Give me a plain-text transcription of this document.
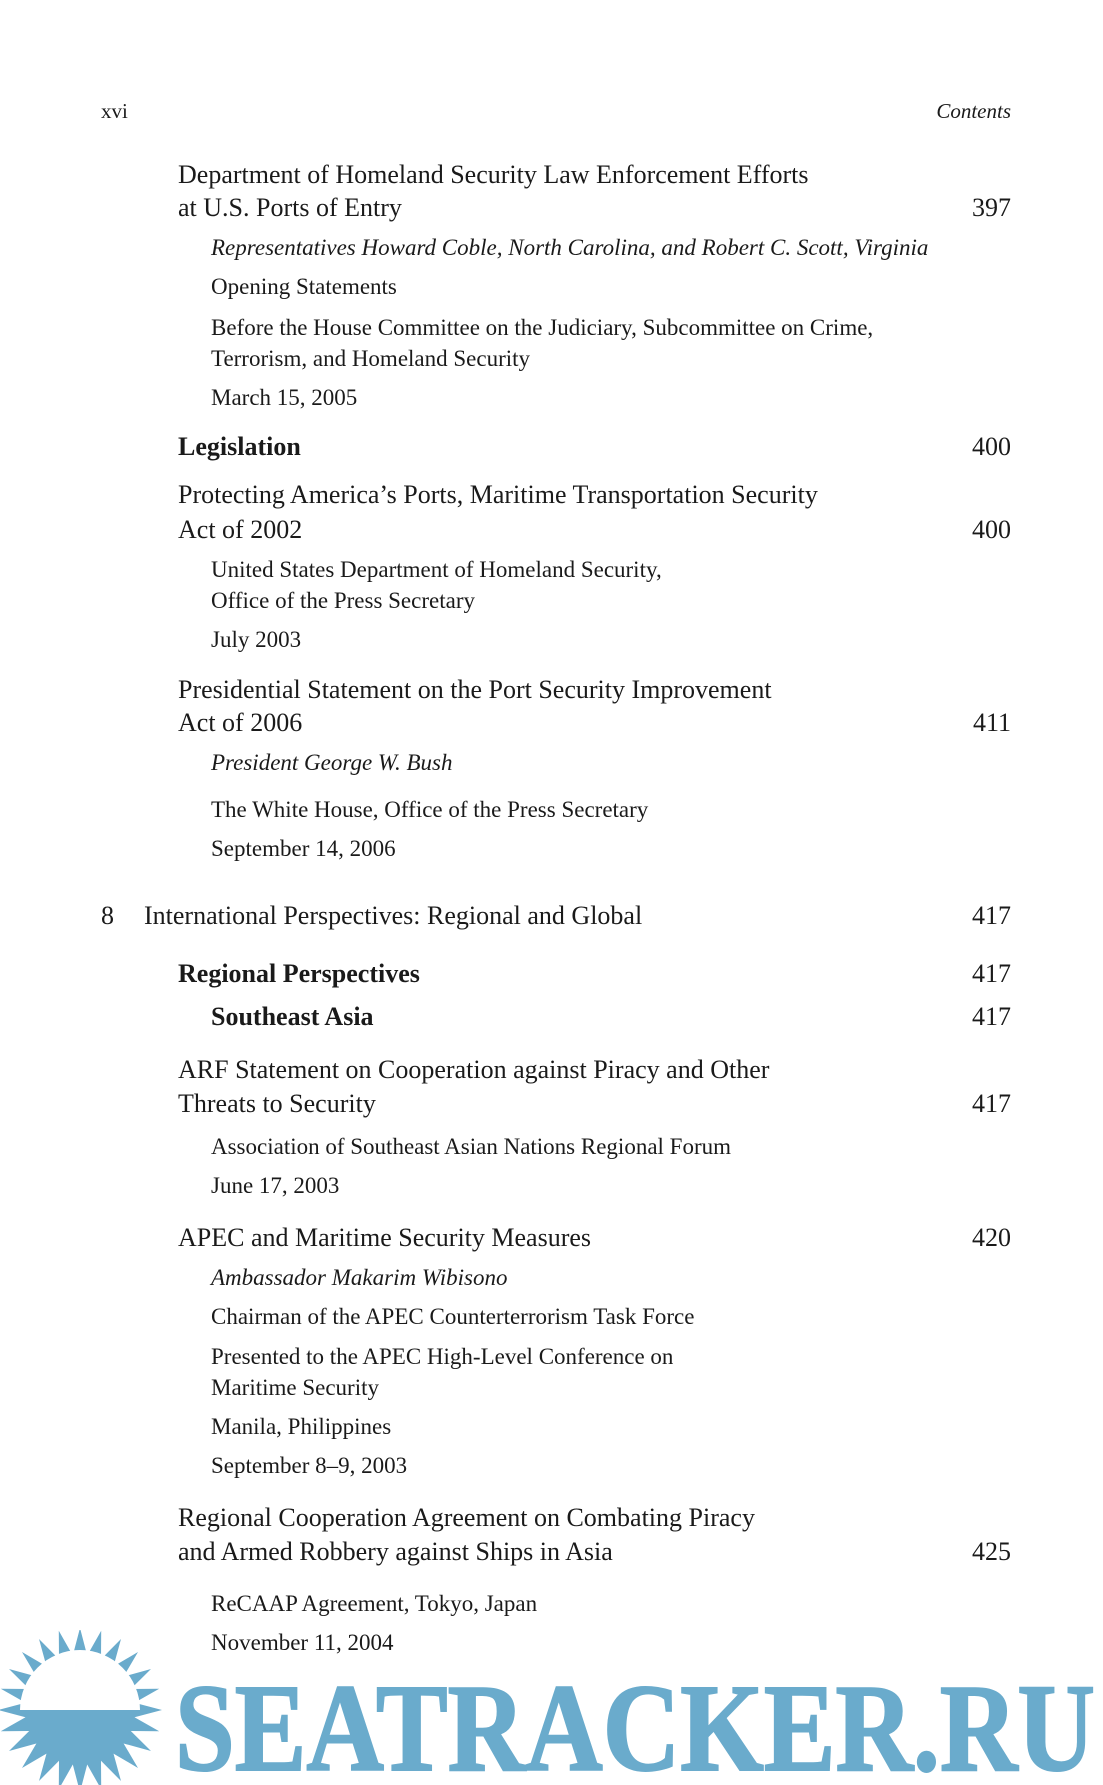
xvi	Contents
Department of Homeland Security Law Enforcement Efforts
at U.S. Ports of Entry	397
Representatives Howard Coble, North Carolina, and Robert C. Scott, Virginia
Opening Statements
Before the House Committee on the Judiciary, Subcommittee on Crime,
Terrorism, and Homeland Security
March 15, 2005
Legislation	400
Protecting America’s Ports, Maritime Transportation Security
Act of 2002	400
United States Department of Homeland Security,
Office of the Press Secretary
July 2003
Presidential Statement on the Port Security Improvement
Act of 2006	411
President George W. Bush
The White House, Office of the Press Secretary
September 14, 2006
8 International Perspectives: Regional and Global	417
Regional Perspectives	417
Southeast Asia	417
ARF Statement on Cooperation against Piracy and Other
Threats to Security	417
Association of Southeast Asian Nations Regional Forum
June 17, 2003
APEC and Maritime Security Measures	420
Ambassador Makarim Wibisono
Chairman of the APEC Counterterrorism Task Force
Presented to the APEC High-Level Conference on
Maritime Security
Manila, Philippines
September 8–9, 2003
Regional Cooperation Agreement on Combating Piracy
and Armed Robbery against Ships in Asia	425
ReCAAP Agreement, Tokyo, Japan
November 11, 2004
SEATRACKER.RU
